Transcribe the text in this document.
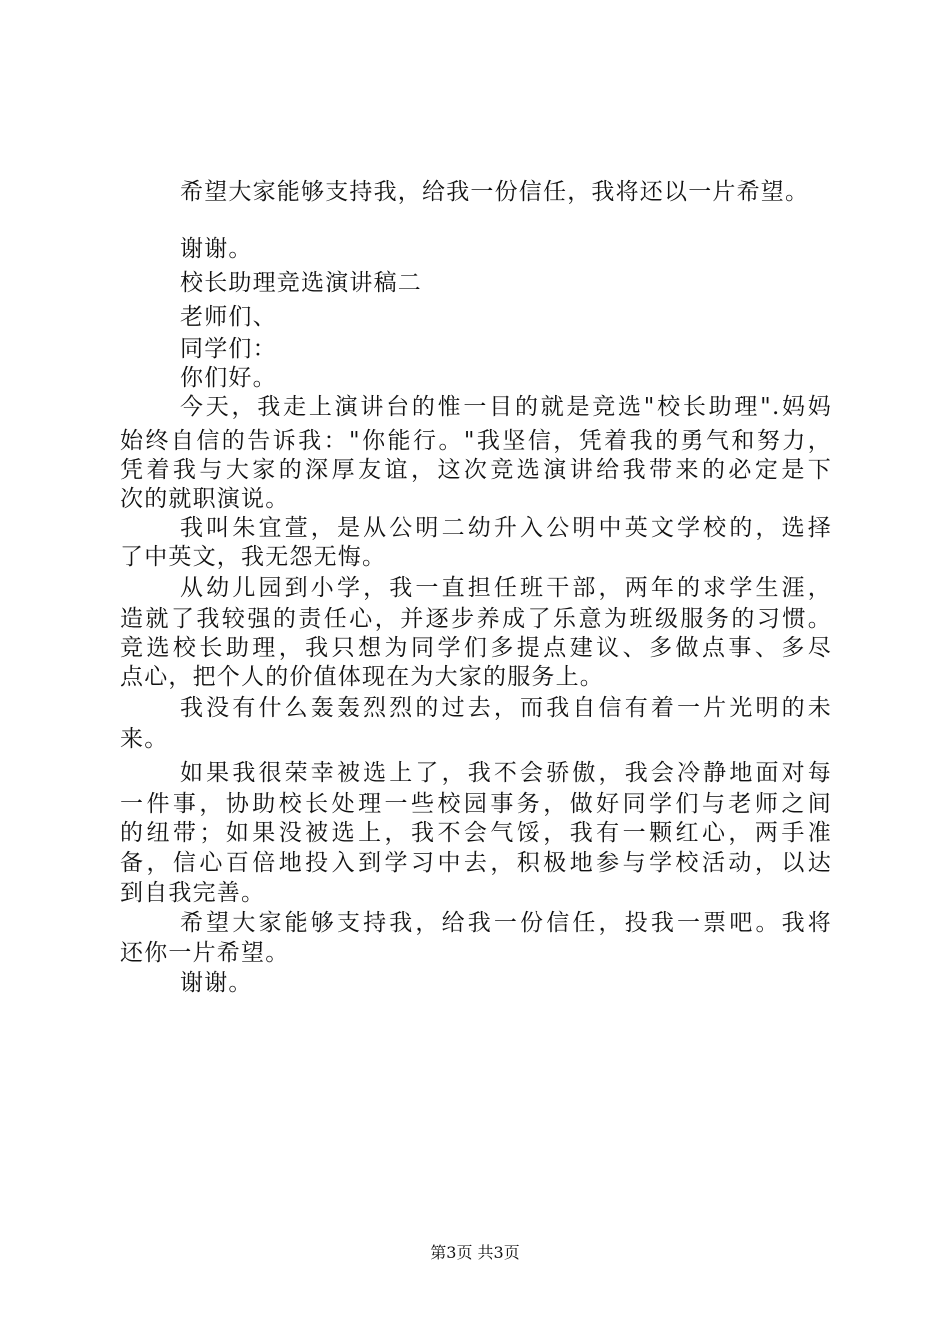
希望大家能够支持我，给我一份信任，我将还以一片希望。
谢谢。
校长助理竞选演讲稿二
老师们、
同学们：
你们好。
今天，我走上演讲台的惟一目的就是竞选"校长助理".妈妈
始终自信的告诉我："你能行。"我坚信，凭着我的勇气和努力，
凭着我与大家的深厚友谊，这次竞选演讲给我带来的必定是下
次的就职演说。
我叫朱宜萱，是从公明二幼升入公明中英文学校的，选择
了中英文，我无怨无悔。
从幼儿园到小学，我一直担任班干部，两年的求学生涯，
造就了我较强的责任心，并逐步养成了乐意为班级服务的习惯。
竞选校长助理，我只想为同学们多提点建议、多做点事、多尽
点心，把个人的价值体现在为大家的服务上。
我没有什么轰轰烈烈的过去，而我自信有着一片光明的未
来。
如果我很荣幸被选上了，我不会骄傲，我会冷静地面对每
一件事，协助校长处理一些校园事务，做好同学们与老师之间
的纽带；如果没被选上，我不会气馁，我有一颗红心，两手准
备，信心百倍地投入到学习中去，积极地参与学校活动，以达
到自我完善。
希望大家能够支持我，给我一份信任，投我一票吧。我将
还你一片希望。
谢谢。
第3页 共3页
